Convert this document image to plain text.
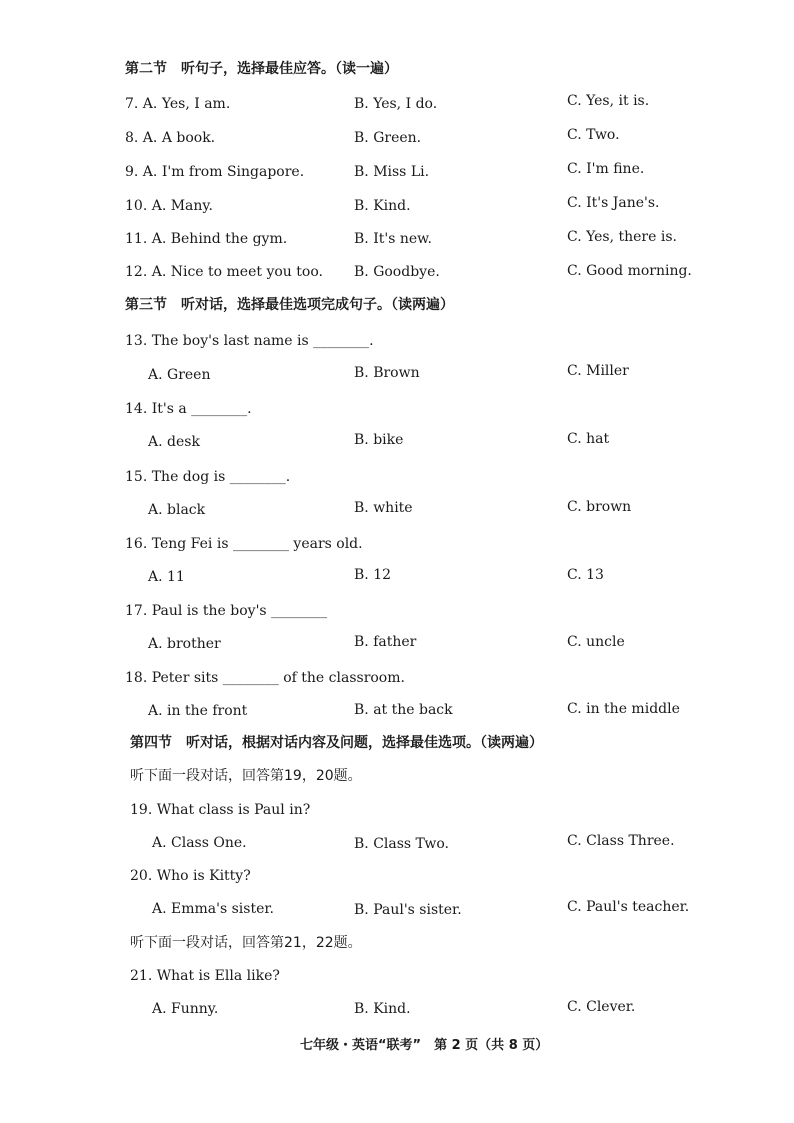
第二节　听句子，选择最佳应答。（读一遍）
7. A. Yes, I am.	B. Yes, I do.	C. Yes, it is.
8. A. A book.	B. Green.	C. Two.
9. A. I'm from Singapore.	B. Miss Li.	C. I'm fine.
10. A. Many.	B. Kind.	C. It's Jane's.
11. A. Behind the gym.	B. It's new.	C. Yes, there is.
12. A. Nice to meet you too. B. Goodbye.	C. Good morning.
第三节　听对话，选择最佳选项完成句子。（读两遍）
13. The boy's last name is ________.
A. Green	B. Brown	C. Miller
14. It's a ________.
A. desk	B. bike	C. hat
15. The dog is ________.
A. black	B. white	C. brown
16. Teng Fei is ________ years old.
A. 11	B. 12	C. 13
17. Paul is the boy's ________
A. brother	B. father	C. uncle
18. Peter sits ________ of the classroom.
A. in the front	B. at the back	C. in the middle
第四节　听对话，根据对话内容及问题，选择最佳选项。（读两遍）
听下面一段对话，回答第19，20题。
19. What class is Paul in?
A. Class One.	B. Class Two.	C. Class Three.
20. Who is Kitty?
A. Emma's sister.	B. Paul's sister.	C. Paul's teacher.
听下面一段对话，回答第21，22题。
21. What is Ella like?
A. Funny.	B. Kind.	C. Clever.
七年级・英语“联考”　第 2 页（共 8 页）
